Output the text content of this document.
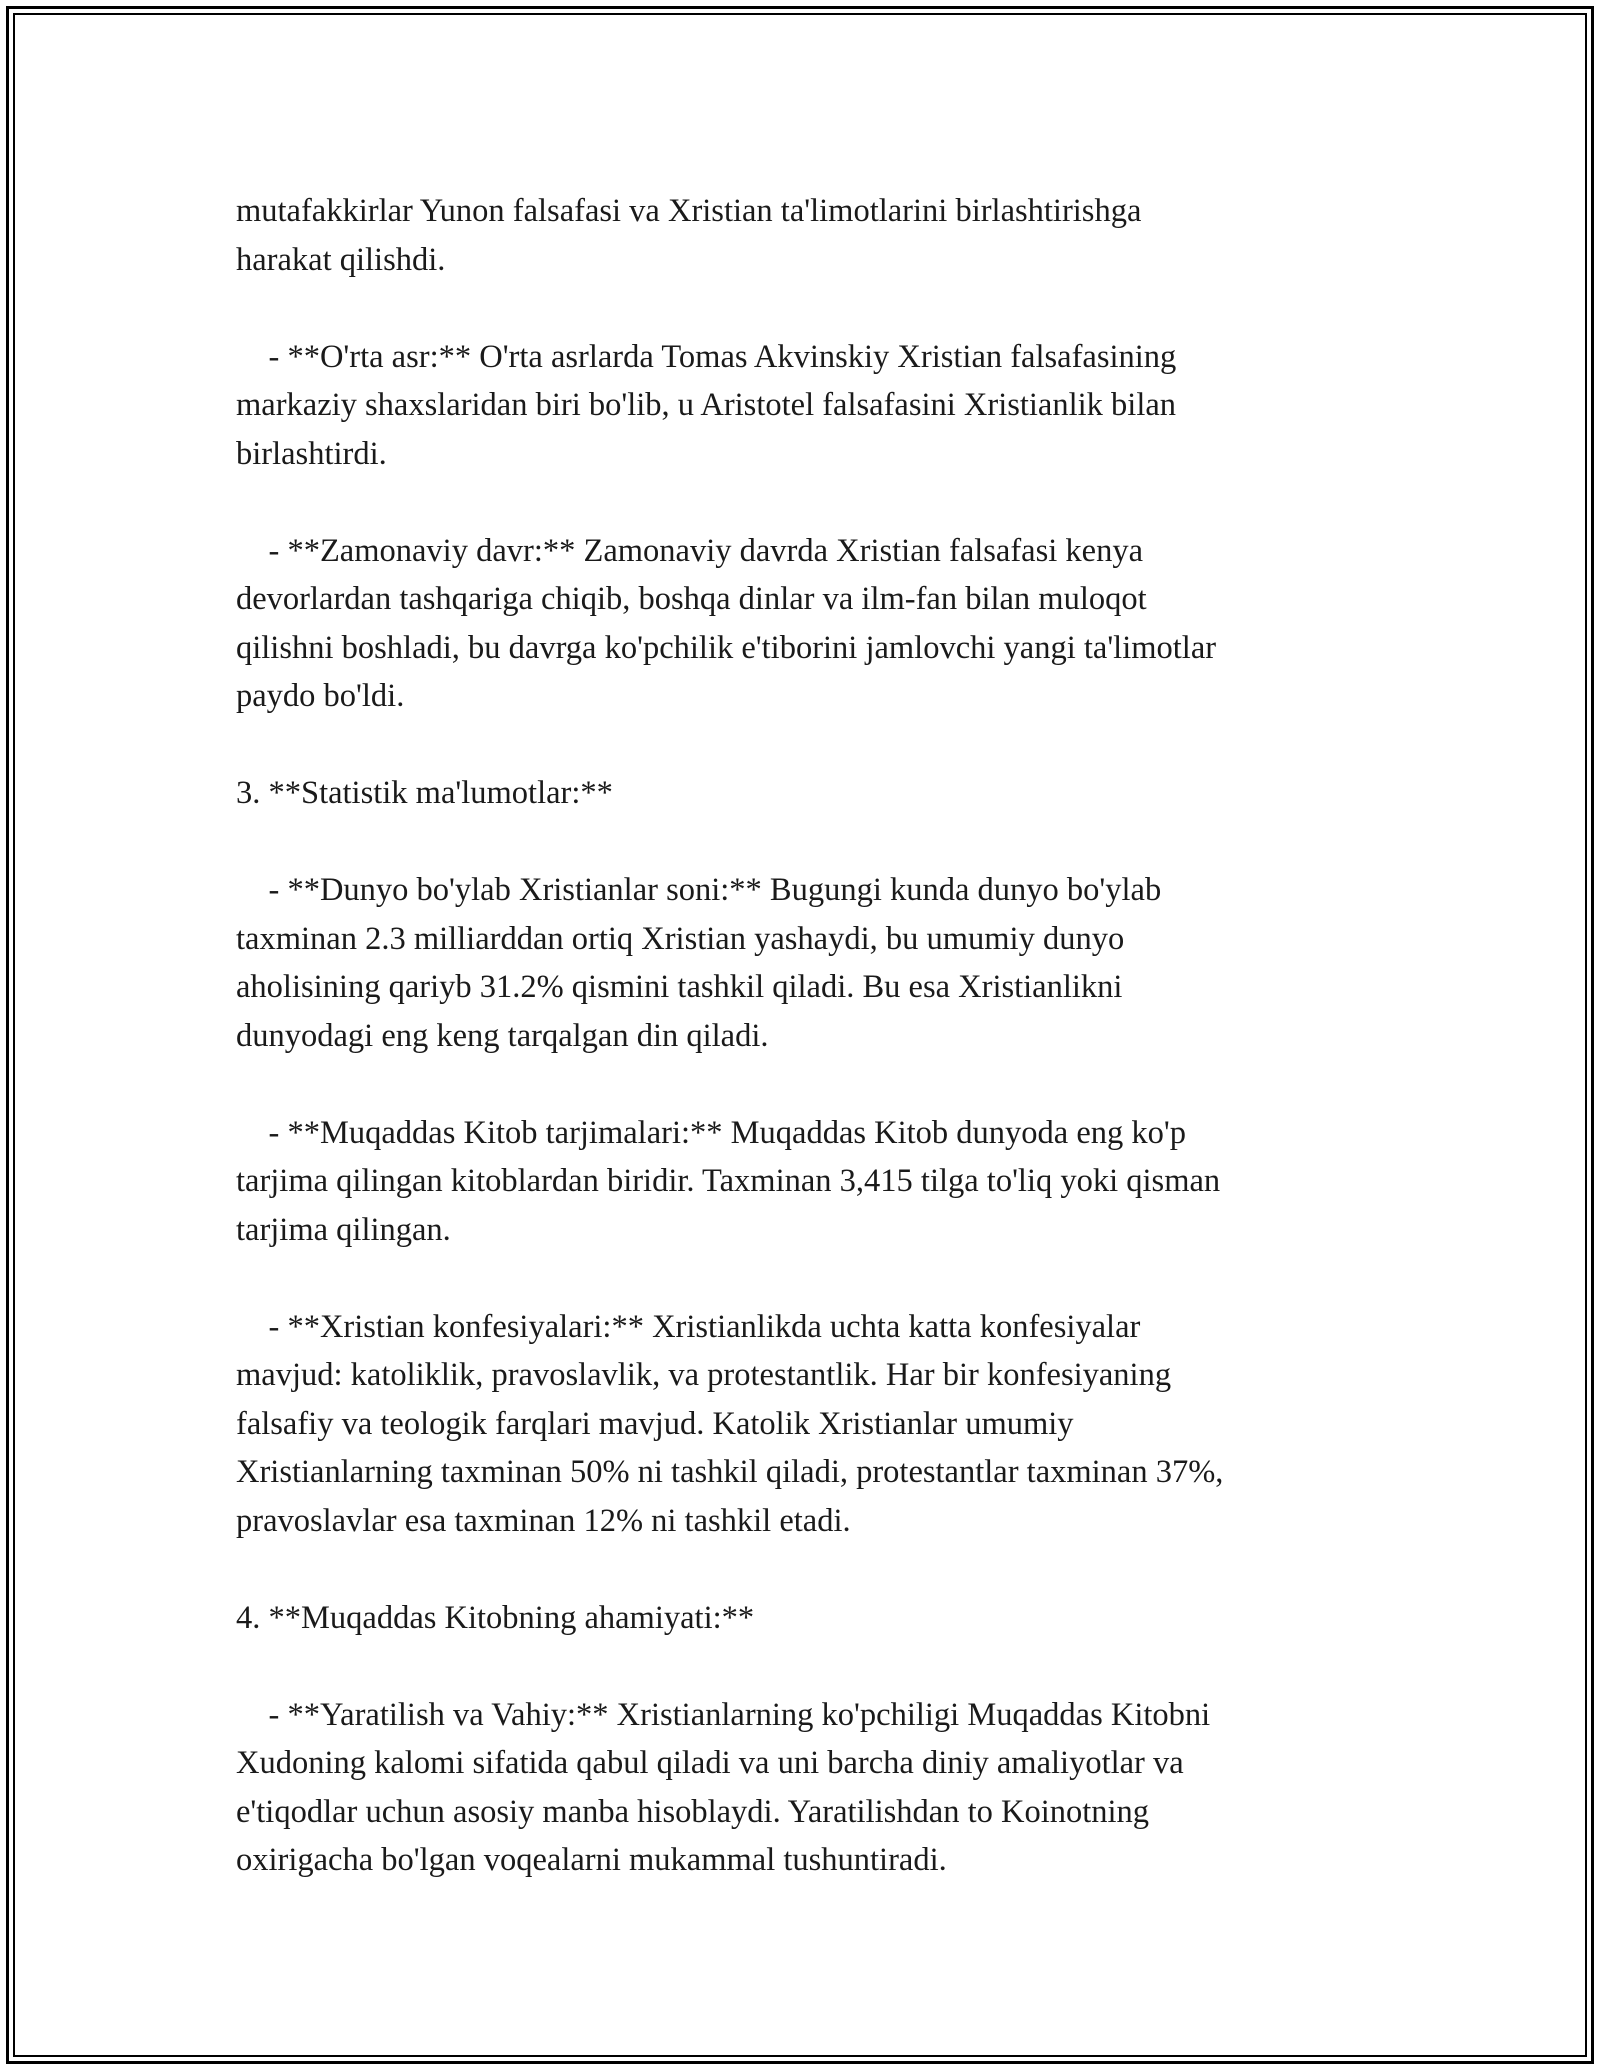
mutafakkirlar Yunon falsafasi va Xristian ta'limotlarini birlashtirishga
harakat qilishdi.

- **O'rta asr:** O'rta asrlarda Tomas Akvinskiy Xristian falsafasining
markaziy shaxslaridan biri bo'lib, u Aristotel falsafasini Xristianlik bilan
birlashtirdi.

- **Zamonaviy davr:** Zamonaviy davrda Xristian falsafasi kenya
devorlardan tashqariga chiqib, boshqa dinlar va ilm-fan bilan muloqot
qilishni boshladi, bu davrga ko'pchilik e'tiborini jamlovchi yangi ta'limotlar
paydo bo'ldi.

3. **Statistik ma'lumotlar:**

- **Dunyo bo'ylab Xristianlar soni:** Bugungi kunda dunyo bo'ylab
taxminan 2.3 milliarddan ortiq Xristian yashaydi, bu umumiy dunyo
aholisining qariyb 31.2% qismini tashkil qiladi. Bu esa Xristianlikni
dunyodagi eng keng tarqalgan din qiladi.

- **Muqaddas Kitob tarjimalari:** Muqaddas Kitob dunyoda eng ko'p
tarjima qilingan kitoblardan biridir. Taxminan 3,415 tilga to'liq yoki qisman
tarjima qilingan.

- **Xristian konfesiyalari:** Xristianlikda uchta katta konfesiyalar
mavjud: katoliklik, pravoslavlik, va protestantlik. Har bir konfesiyaning
falsafiy va teologik farqlari mavjud. Katolik Xristianlar umumiy
Xristianlarning taxminan 50% ni tashkil qiladi, protestantlar taxminan 37%,
pravoslavlar esa taxminan 12% ni tashkil etadi.

4. **Muqaddas Kitobning ahamiyati:**

- **Yaratilish va Vahiy:** Xristianlarning ko'pchiligi Muqaddas Kitobni
Xudoning kalomi sifatida qabul qiladi va uni barcha diniy amaliyotlar va
e'tiqodlar uchun asosiy manba hisoblaydi. Yaratilishdan to Koinotning
oxirigacha bo'lgan voqealarni mukammal tushuntiradi.
